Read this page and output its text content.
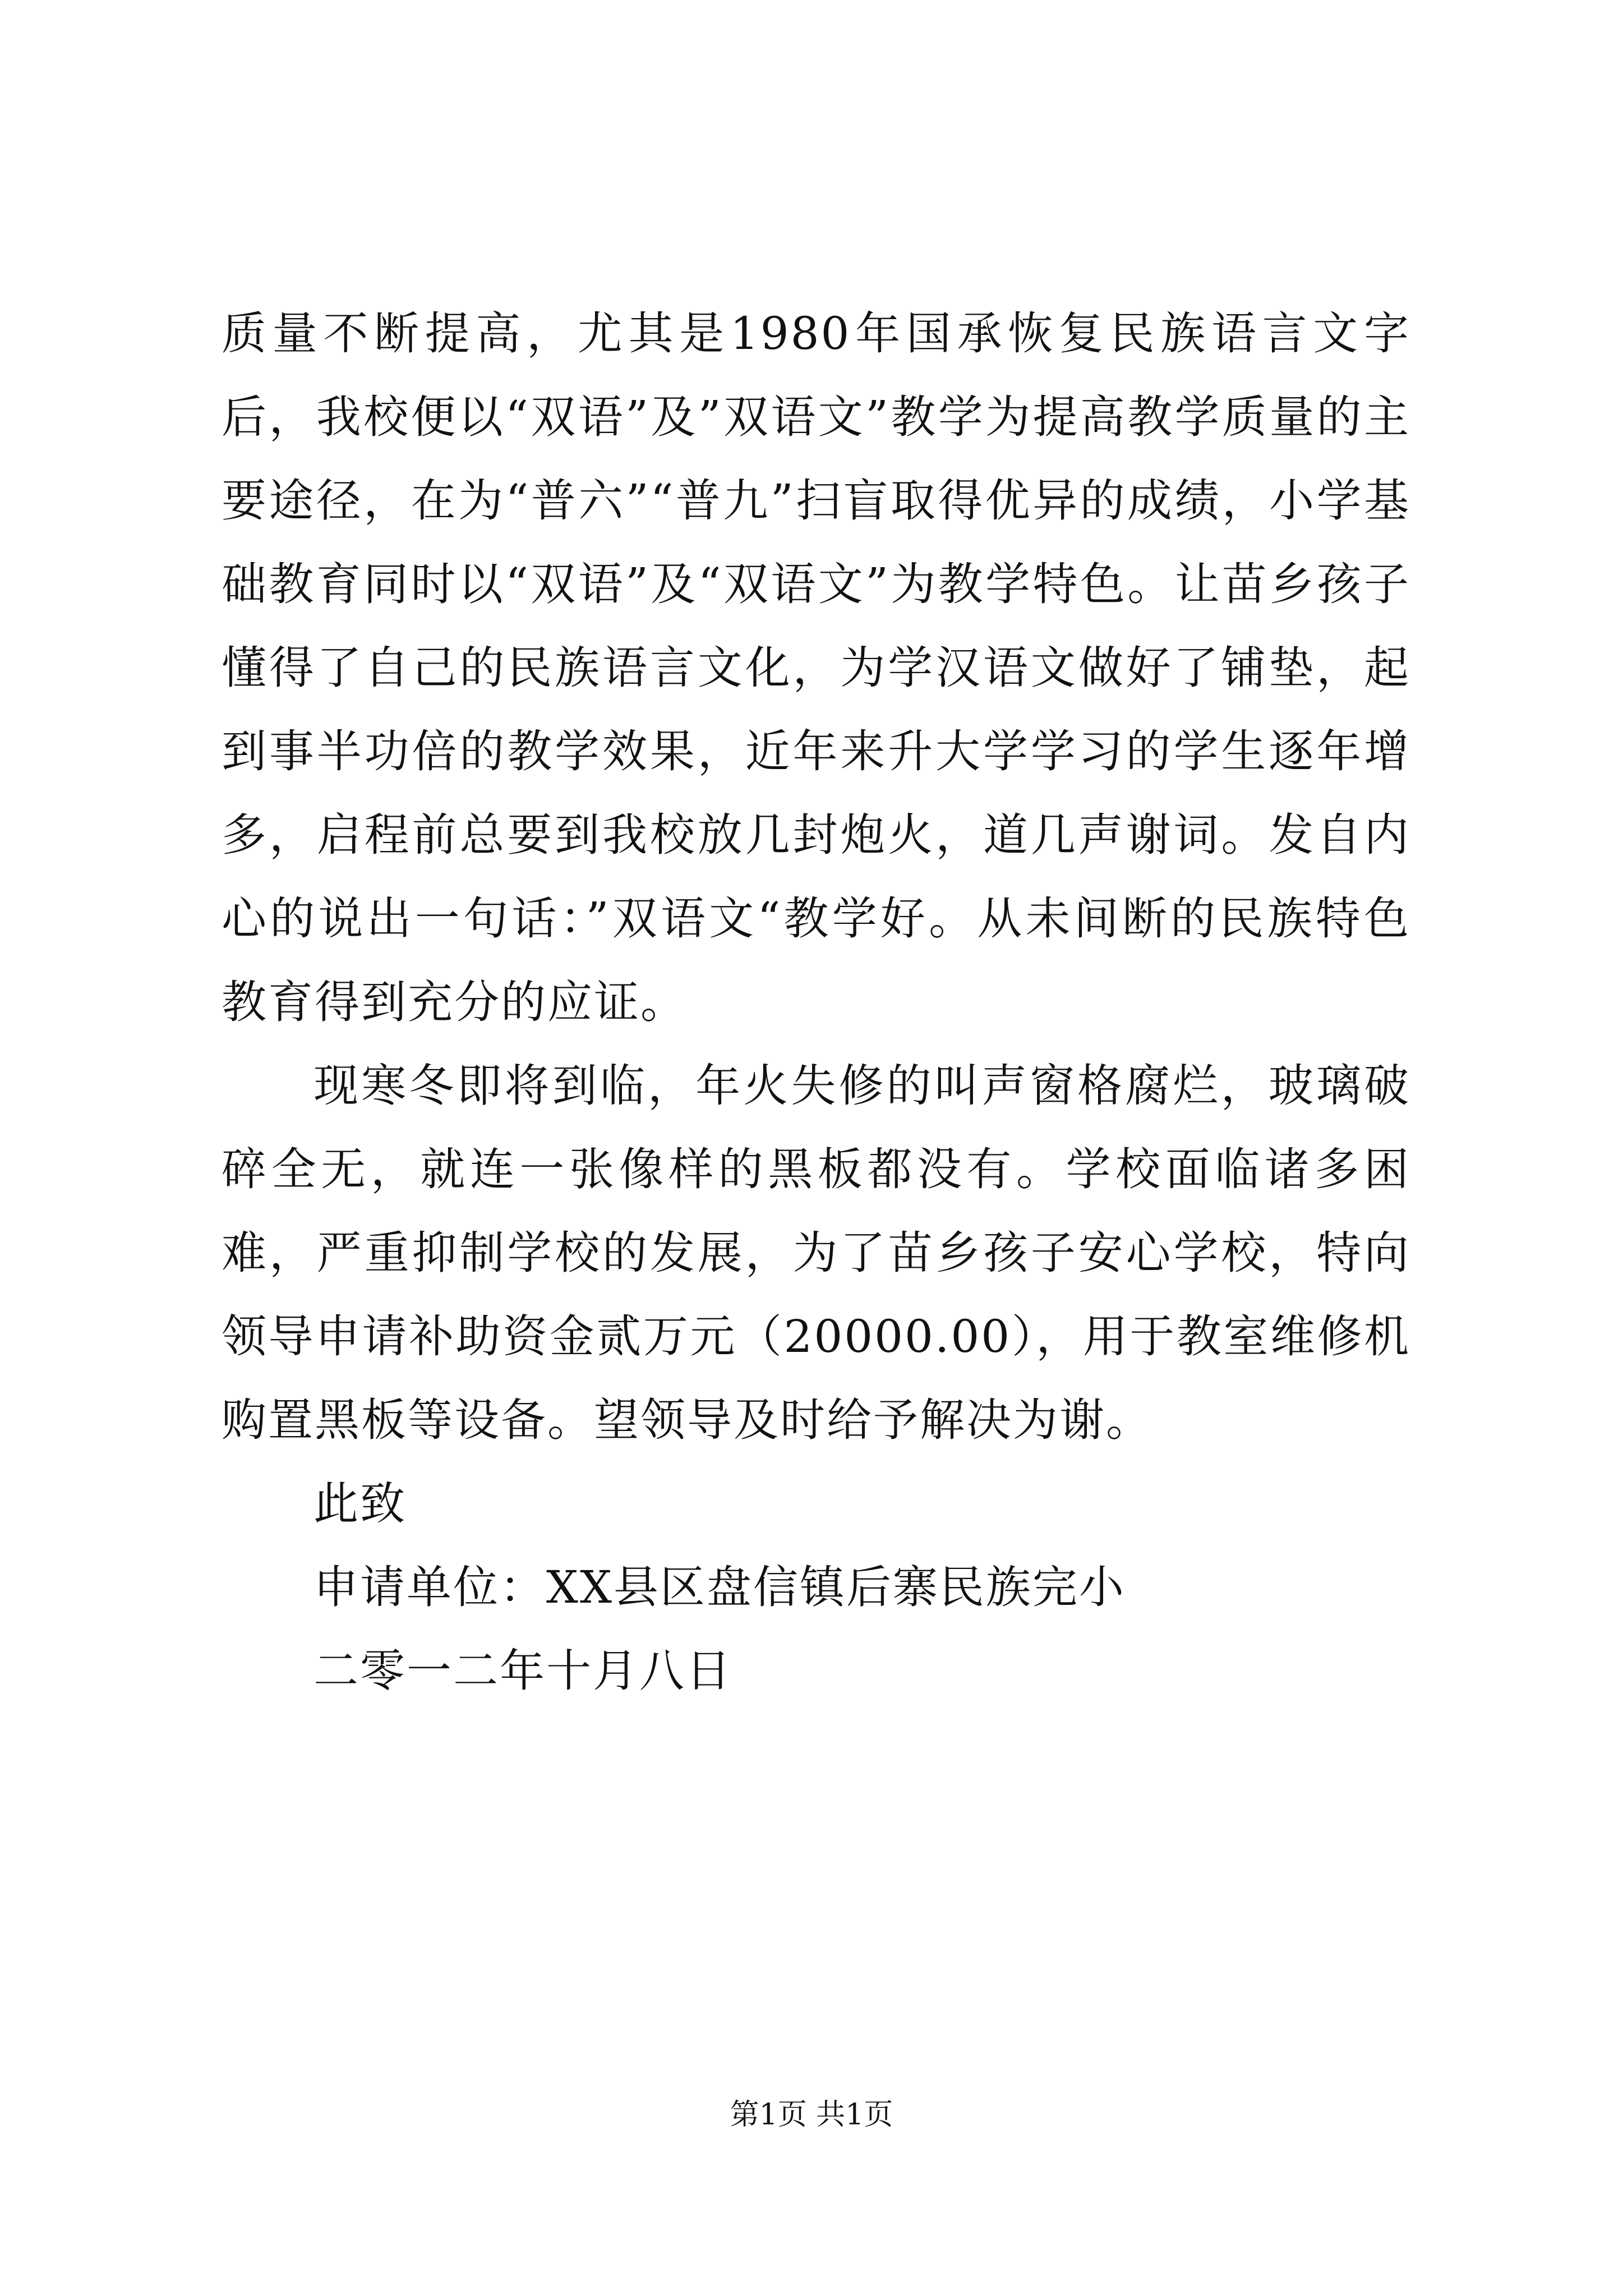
质量不断提高，尤其是1980年国承恢复民族语言文字后，我校便以“双语”及”双语文”教学为提高教学质量的主要途径，在为“普六”“普九”扫盲取得优异的成绩，小学基础教育同时以“双语”及“双语文”为教学特色。让苗乡孩子懂得了自己的民族语言文化，为学汉语文做好了铺垫，起到事半功倍的教学效果，近年来升大学学习的学生逐年增多，启程前总要到我校放几封炮火，道几声谢词。发自内心的说出一句话：”双语文“教学好。从未间断的民族特色教育得到充分的应证。

现寒冬即将到临，年火失修的叫声窗格腐烂，玻璃破碎全无，就连一张像样的黑板都没有。学校面临诸多困难，严重抑制学校的发展，为了苗乡孩子安心学校，特向领导申请补助资金贰万元（20000.00），用于教室维修机购置黑板等设备。望领导及时给予解决为谢。

此致

申请单位：XX县区盘信镇后寨民族完小

二零一二年十月八日

第1页 共1页
